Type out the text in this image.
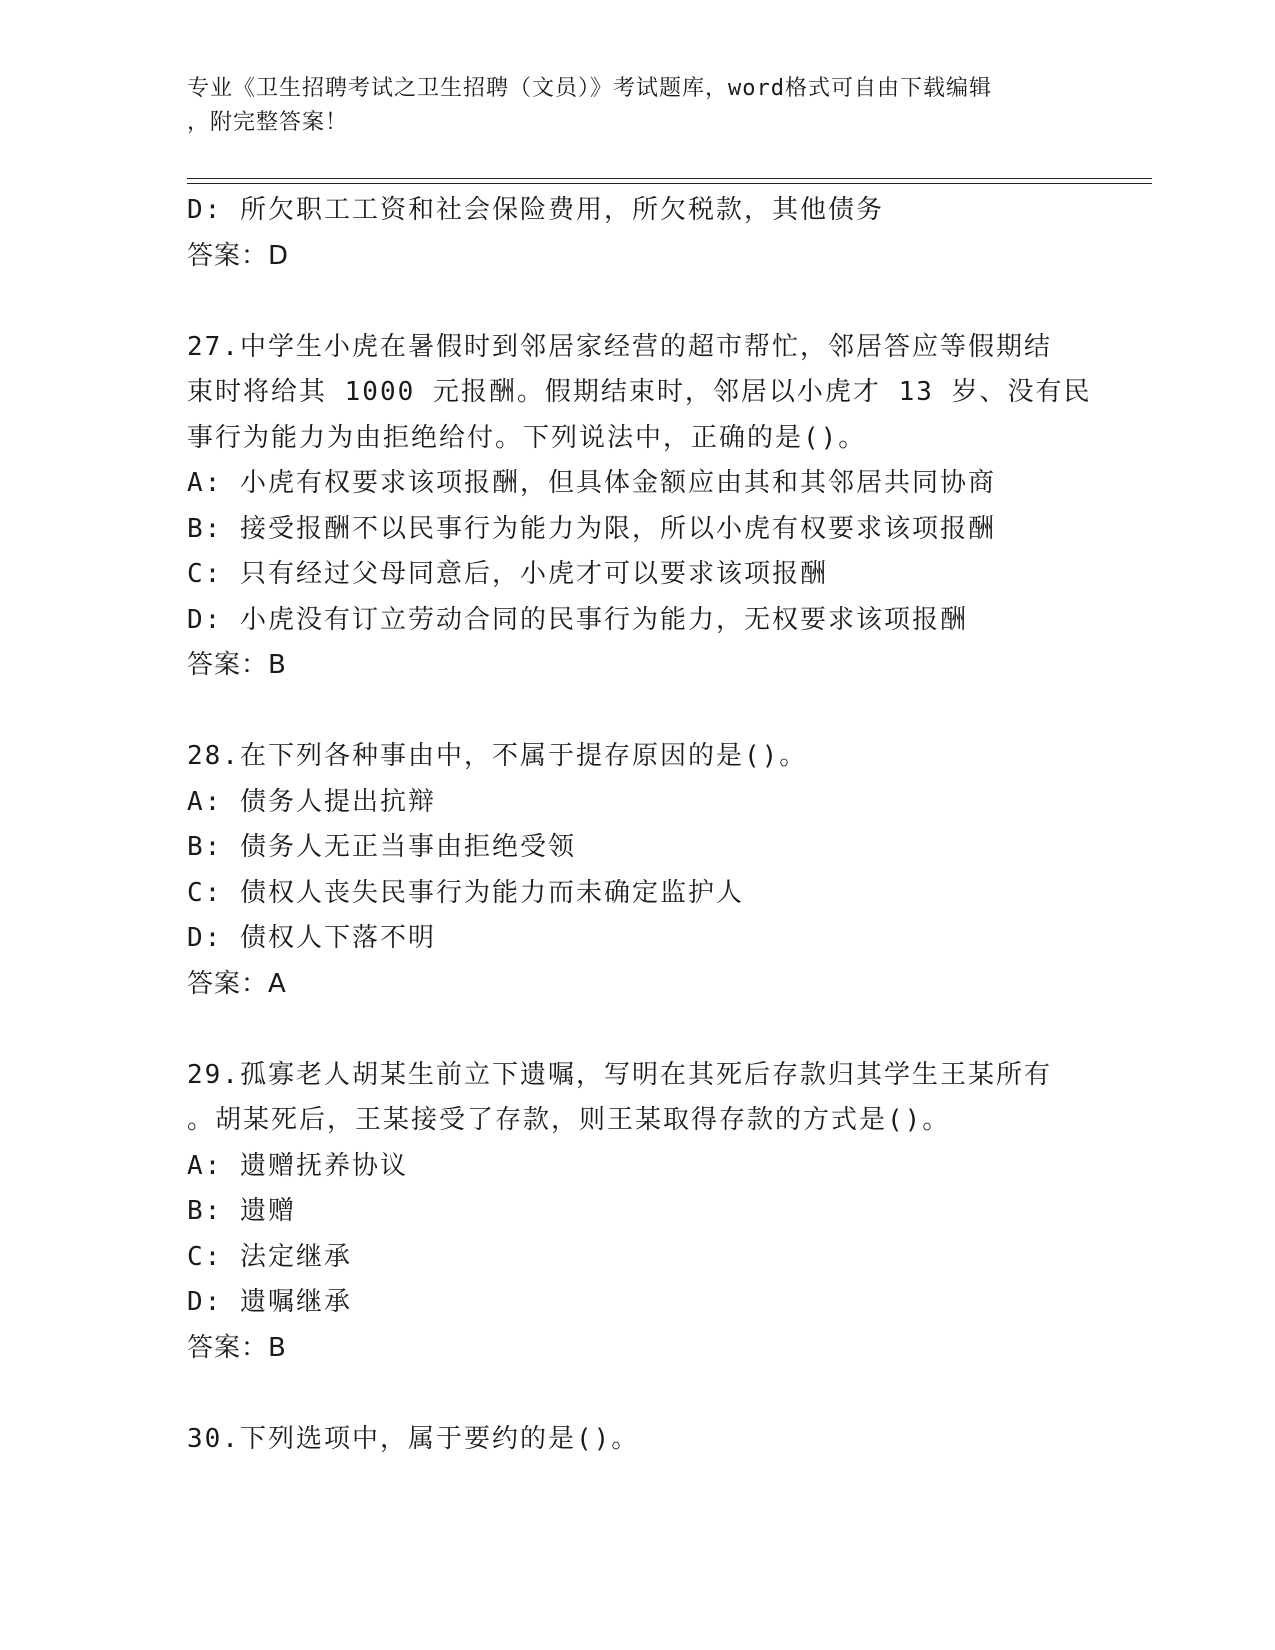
专业《卫生招聘考试之卫生招聘（文员）》考试题库，word格式可自由下载编辑
，附完整答案！
D: 所欠职工工资和社会保险费用，所欠税款，其他债务
答案：D
27.中学生小虎在暑假时到邻居家经营的超市帮忙，邻居答应等假期结
束时将给其 1000 元报酬。假期结束时，邻居以小虎才 13 岁、没有民
事行为能力为由拒绝给付。下列说法中，正确的是()。
A: 小虎有权要求该项报酬，但具体金额应由其和其邻居共同协商
B: 接受报酬不以民事行为能力为限，所以小虎有权要求该项报酬
C: 只有经过父母同意后，小虎才可以要求该项报酬
D: 小虎没有订立劳动合同的民事行为能力，无权要求该项报酬
答案：B
28.在下列各种事由中，不属于提存原因的是()。
A: 债务人提出抗辩
B: 债务人无正当事由拒绝受领
C: 债权人丧失民事行为能力而未确定监护人
D: 债权人下落不明
答案：A
29.孤寡老人胡某生前立下遗嘱，写明在其死后存款归其学生王某所有
。胡某死后，王某接受了存款，则王某取得存款的方式是()。
A: 遗赠抚养协议
B: 遗赠
C: 法定继承
D: 遗嘱继承
答案：B
30.下列选项中，属于要约的是()。
